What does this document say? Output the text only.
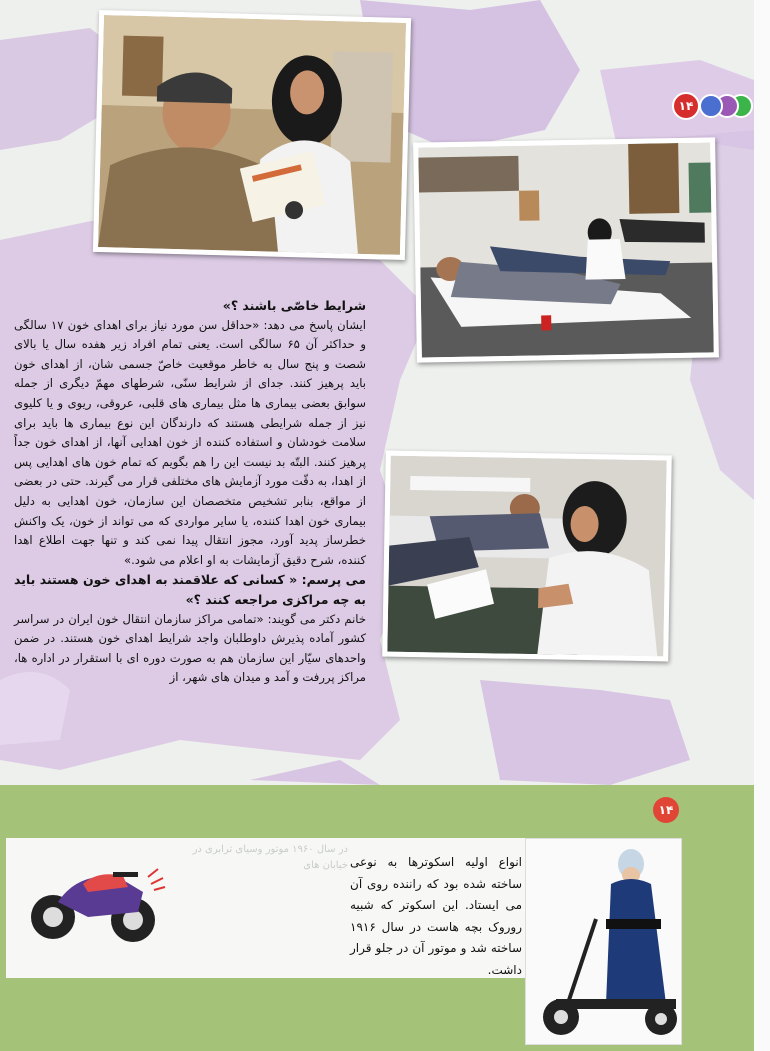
۱۴

شرایط خاصّی باشند ؟»

ایشان پاسخ می دهد: «حداقل سن مورد نیاز برای اهدای خون ۱۷ سالگی و حداکثر آن ۶۵ سالگی است. یعنی تمام افراد زیر هفده سال یا بالای شصت و پنج سال به خاطر موقعیت خاصّ جسمی شان، از اهدای خون باید پرهیز کنند. جدای از شرایط سنّی، شرطهای مهمّ دیگری از جمله سوابق بعضی بیماری ها مثل بیماری های قلبی، عروقی، ریوی و یا کلیوی نیز از جمله شرایطی هستند که دارندگان این نوع بیماری ها باید برای سلامت خودشان و استفاده کننده از خون اهدایی آنها، از اهدای خون جداً پرهیز کنند. البتّه بد نیست این را هم بگویم که تمام خون های اهدایی پس از اهدا، به دقّت مورد آزمایش های مختلفی قرار می گیرند. حتی در بعضی از مواقع، بنابر تشخیص متخصصان این سازمان، خون اهدایی به دلیل بیماری خون اهدا کننده، یا سایر مواردی که می تواند از خون، یک واکنش خطرساز پدید آورد، مجوز انتقال پیدا نمی کند و تنها جهت اطلاع اهدا کننده، شرح دقیق آزمایشات به او اعلام می شود.»

می پرسم: « کسانی که علاقمند به اهدای خون هستند باید به چه مراکزی مراجعه کنند ؟»

خانم دکتر می گویند: «تمامی مراکز سازمان انتقال خون ایران در سراسر کشور آماده پذیرش داوطلبان واجد شرایط اهدای خون هستند. در ضمن واحدهای سیّار این سازمان هم به صورت دوره ای با استقرار در اداره ها، مراکز پررفت و آمد و میدان های شهر، از

۱۴
در سال ۱۹۶۰ موتور وسیای ترابری در خیابان های انواع اولیه اسکوترها به نوعی ساخته شده بود که راننده روی آن می ایستاد. این اسکوتر که شبیه روروک بچه هاست در سال ۱۹۱۶ ساخته شد و موتور آن در جلو قرار داشت.
